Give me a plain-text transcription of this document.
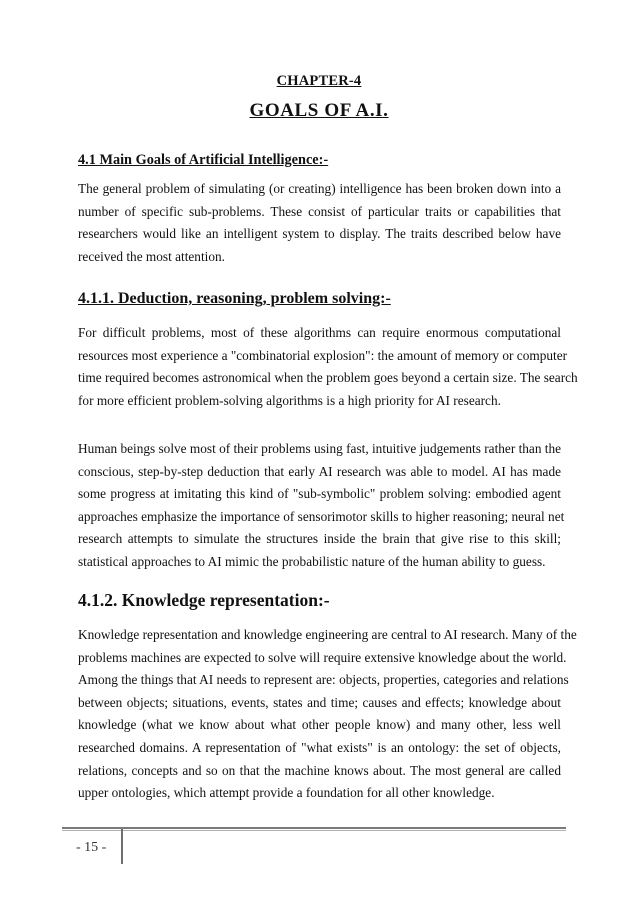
CHAPTER-4
GOALS OF A.I.
4.1 Main Goals of Artificial Intelligence:-
The general problem of simulating (or creating) intelligence has been broken down into a
number of specific sub-problems. These consist of particular traits or capabilities that
researchers would like an intelligent system to display. The traits described below have
received the most attention.
4.1.1. Deduction, reasoning, problem solving:-
For difficult problems, most of these algorithms can require enormous computational
resources most experience a "combinatorial explosion": the amount of memory or computer
time required becomes astronomical when the problem goes beyond a certain size. The search
for more efficient problem-solving algorithms is a high priority for AI research.
Human beings solve most of their problems using fast, intuitive judgements rather than the
conscious, step-by-step deduction that early AI research was able to model. AI has made
some progress at imitating this kind of "sub-symbolic" problem solving: embodied agent
approaches emphasize the importance of sensorimotor skills to higher reasoning; neural net
research attempts to simulate the structures inside the brain that give rise to this skill;
statistical approaches to AI mimic the probabilistic nature of the human ability to guess.
4.1.2. Knowledge representation:-
Knowledge representation and knowledge engineering are central to AI research. Many of the
problems machines are expected to solve will require extensive knowledge about the world.
Among the things that AI needs to represent are: objects, properties, categories and relations
between objects; situations, events, states and time; causes and effects; knowledge about
knowledge (what we know about what other people know) and many other, less well
researched domains. A representation of "what exists" is an ontology: the set of objects,
relations, concepts and so on that the machine knows about. The most general are called
upper ontologies, which attempt provide a foundation for all other knowledge.
- 15 -
